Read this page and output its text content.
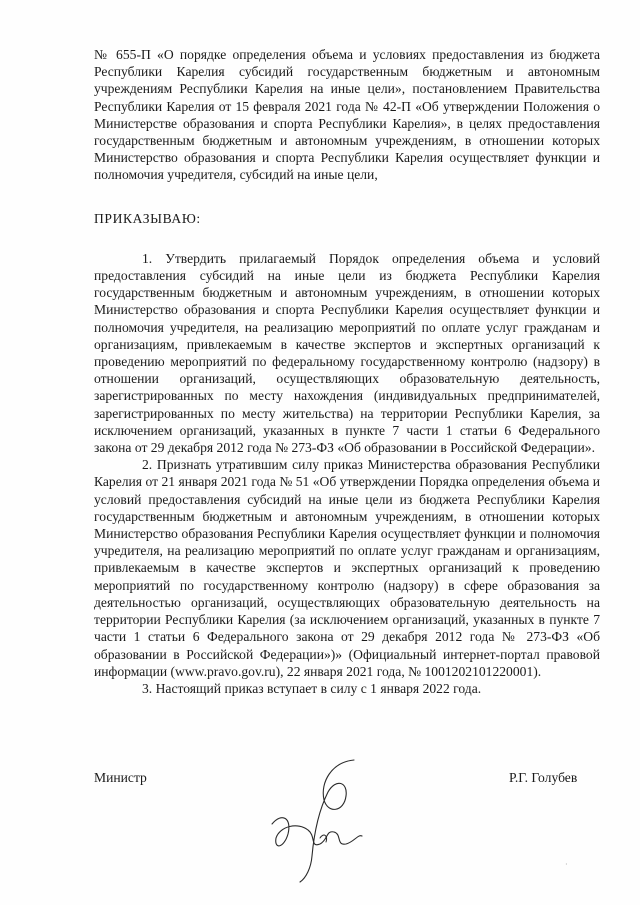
№ 655-П «О порядке определения объема и условиях предоставления из бюджета Республики Карелия субсидий государственным бюджетным и автономным учреждениям Республики Карелия на иные цели», постановлением Правительства Республики Карелия от 15 февраля 2021 года № 42-П «Об утверждении Положения о Министерстве образования и спорта Республики Карелия», в целях предоставления государственным бюджетным и автономным учреждениям, в отношении которых Министерство образования и спорта Республики Карелия осуществляет функции и полномочия учредителя, субсидий на иные цели,

ПРИКАЗЫВАЮ:

1. Утвердить прилагаемый Порядок определения объема и условий предоставления субсидий на иные цели из бюджета Республики Карелия государственным бюджетным и автономным учреждениям, в отношении которых Министерство образования и спорта Республики Карелия осуществляет функции и полномочия учредителя, на реализацию мероприятий по оплате услуг гражданам и организациям, привлекаемым в качестве экспертов и экспертных организаций к проведению мероприятий по федеральному государственному контролю (надзору) в отношении организаций, осуществляющих образовательную деятельность, зарегистрированных по месту нахождения (индивидуальных предпринимателей, зарегистрированных по месту жительства) на территории Республики Карелия, за исключением организаций, указанных в пункте 7 части 1 статьи 6 Федерального закона от 29 декабря 2012 года № 273-ФЗ «Об образовании в Российской Федерации».

2. Признать утратившим силу приказ Министерства образования Республики Карелия от 21 января 2021 года № 51 «Об утверждении Порядка определения объема и условий предоставления субсидий на иные цели из бюджета Республики Карелия государственным бюджетным и автономным учреждениям, в отношении которых Министерство образования Республики Карелия осуществляет функции и полномочия учредителя, на реализацию мероприятий по оплате услуг гражданам и организациям, привлекаемым в качестве экспертов и экспертных организаций к проведению мероприятий по государственному контролю (надзору) в сфере образования за деятельностью организаций, осуществляющих образовательную деятельность на территории Республики Карелия (за исключением организаций, указанных в пункте 7 части 1 статьи 6 Федерального закона от 29 декабря 2012 года № 273-ФЗ «Об образовании в Российской Федерации»)» (Официальный интернет-портал правовой информации (www.pravo.gov.ru), 22 января 2021 года, № 1001202101220001).

3. Настоящий приказ вступает в силу с 1 января 2022 года.

Министр	Р.Г. Голубев
·
